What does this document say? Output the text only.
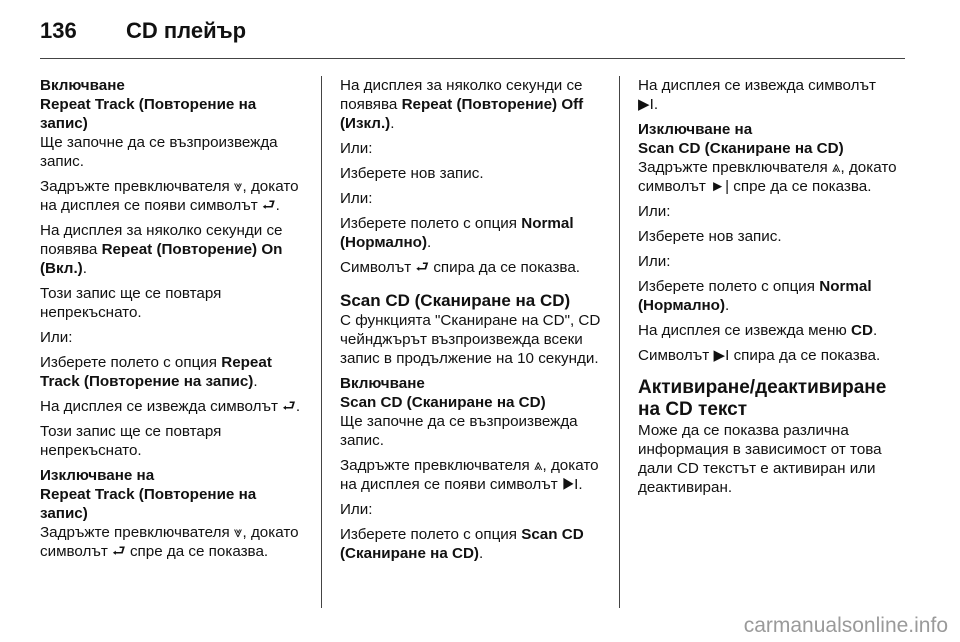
136 CD плейър
Включване
Repeat Track (Повторение на запис)

Ще започне да се възпроизвежда запис.

Задръжте превключвателя ⩔, докато на дисплея се появи символът ⮐.

На дисплея за няколко секунди се появява Repeat (Повторение) On (Вкл.).

Този запис ще се повтаря непрекъснато.

Или:

Изберете полето с опция Repeat Track (Повторение на запис).

На дисплея се извежда символът ⮐.

Този запис ще се повтаря непрекъснато.

Изключване на
Repeat Track (Повторение на запис)

Задръжте превключвателя ⩔, докато символът ⮐ спре да се показва.

На дисплея за няколко секунди се появява Repeat (Повторение) Off (Изкл.).

Или:

Изберете нов запис.

Или:

Изберете полето с опция Normal (Нормално).

Символът ⮐ спира да се показва.

Scan CD (Сканиране на CD)

С функцията "Сканиране на CD", CD чейнджърът възпроизвежда всеки запис в продължение на 10 секунди.

Включване
Scan CD (Сканиране на CD)

Ще започне да се възпроизвежда запис.

Задръжте превключвателя ⩓, докато на дисплея се появи символът ▶I.

Или:

Изберете полето с опция Scan CD (Сканиране на CD).

На дисплея се извежда символът ▶I.

Изключване на
Scan CD (Сканиране на CD)

Задръжте превключвателя ⩓, докато символът ►| спре да се показва.

Или:

Изберете нов запис.

Или:

Изберете полето с опция Normal (Нормално).

На дисплея се извежда меню CD.

Символът ▶I спира да се показва.

Активиране/деактивиране на CD текст

Може да се показва различна информация в зависимост от това дали CD текстът е активиран или деактивиран.

carmanualsonline.info
